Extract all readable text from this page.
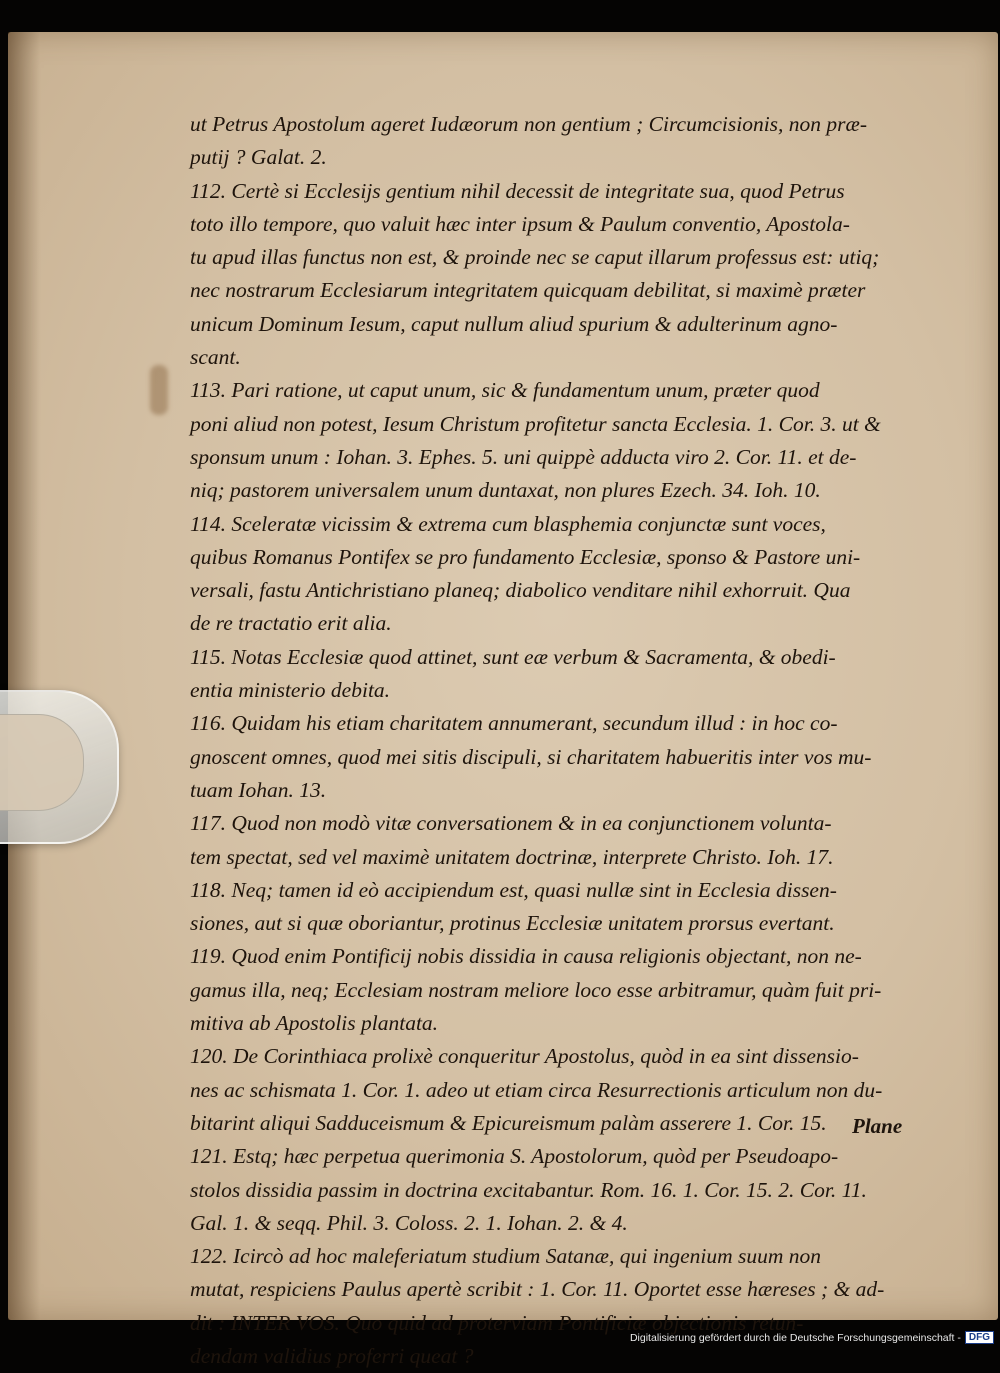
ut Petrus Apostolum ageret Iudæorum non gentium ; Circumcisionis, non præ-
putij ? Galat. 2.
112. Certè si Ecclesijs gentium nihil decessit de integritate sua, quod Petrus
toto illo tempore, quo valuit hæc inter ipsum & Paulum conventio, Apostola-
tu apud illas functus non est, & proinde nec se caput illarum professus est: utiq;
nec nostrarum Ecclesiarum integritatem quicquam debilitat, si maximè præter
unicum Dominum Iesum, caput nullum aliud spurium & adulterinum agno-
scant.
113. Pari ratione, ut caput unum, sic & fundamentum unum, præter quod
poni aliud non potest, Iesum Christum profitetur sancta Ecclesia. 1. Cor. 3. ut &
sponsum unum : Iohan. 3. Ephes. 5. uni quippè adducta viro 2. Cor. 11. et de-
niq; pastorem universalem unum duntaxat, non plures Ezech. 34. Ioh. 10.
114. Sceleratæ vicissim & extrema cum blasphemia conjunctæ sunt voces,
quibus Romanus Pontifex se pro fundamento Ecclesiæ, sponso & Pastore uni-
versali, fastu Antichristiano planeq; diabolico venditare nihil exhorruit. Qua
de re tractatio erit alia.
115. Notas Ecclesiæ quod attinet, sunt eæ verbum & Sacramenta, & obedi-
entia ministerio debita.
116. Quidam his etiam charitatem annumerant, secundum illud : in hoc co-
gnoscent omnes, quod mei sitis discipuli, si charitatem habueritis inter vos mu-
tuam Iohan. 13.
117. Quod non modò vitæ conversationem & in ea conjunctionem volunta-
tem spectat, sed vel maximè unitatem doctrinæ, interprete Christo. Ioh. 17.
118. Neq; tamen id eò accipiendum est, quasi nullæ sint in Ecclesia dissen-
siones, aut si quæ oboriantur, protinus Ecclesiæ unitatem prorsus evertant.
119. Quod enim Pontificij nobis dissidia in causa religionis objectant, non ne-
gamus illa, neq; Ecclesiam nostram meliore loco esse arbitramur, quàm fuit pri-
mitiva ab Apostolis plantata.
120. De Corinthiaca prolixè conqueritur Apostolus, quòd in ea sint dissensio-
nes ac schismata 1. Cor. 1. adeo ut etiam circa Resurrectionis articulum non du-
bitarint aliqui Sadduceismum & Epicureismum palàm asserere 1. Cor. 15.
121. Estq; hæc perpetua querimonia S. Apostolorum, quòd per Pseudoapo-
stolos dissidia passim in doctrina excitabantur. Rom. 16. 1. Cor. 15. 2. Cor. 11.
Gal. 1. & seqq. Phil. 3. Coloss. 2. 1. Iohan. 2. & 4.
122. Icircò ad hoc maleferiatum studium Satanæ, qui ingenium suum non
mutat, respiciens Paulus apertè scribit : 1. Cor. 11. Oportet esse hæreses ; & ad-
dit : INTER VOS. Quo quid ad proterviam Pontificiæ objectionis retun-
dendam validius proferri queat ?
Plane
Digitalisierung gefördert durch die Deutsche Forschungsgemeinschaft - DFG
